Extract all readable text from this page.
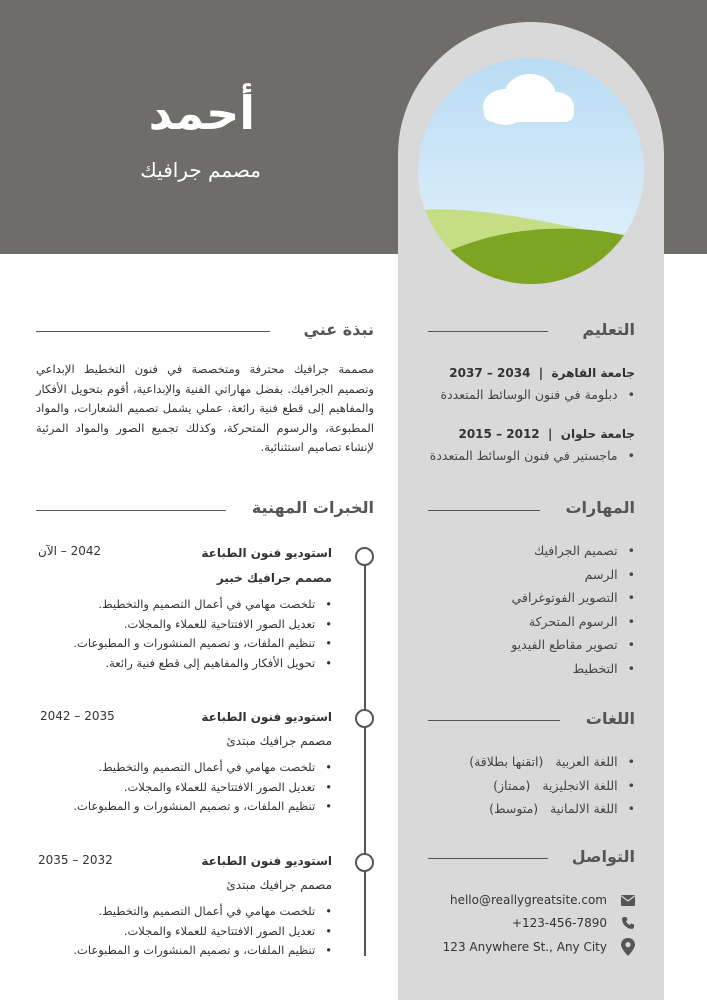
أحمد
مصمم جرافيك
التعليم
جامعة القاهرة  |  2034 – 2037
• دبلومة في فنون الوسائط المتعددة
جامعة حلوان  |  2012 – 2015
• ماجستير في فنون الوسائط المتعددة
المهارات
• تصميم الجرافيك
• الرسم
• التصوير الفوتوغرافي
• الرسوم المتحركة
• تصوير مقاطع الفيديو
• التخطيط
اللغات
• اللغة العربية   (اتقنها بطلاقة)
• اللغة الانجليزية   (ممتاز)
• اللغة الالمانية   (متوسط)
التواصل
hello@reallygreatsite.com
+123-456-7890
123 Anywhere St., Any City
نبذة عني
مصممة جرافيك محترفة ومتخصصة في فنون التخطيط الإبداعي وتصميم الجرافيك. بفضل مهاراتي الفنية والإبداعية، أقوم بتحويل الأفكار والمفاهيم إلى قطع فنية رائعة. عملي يشمل تصميم الشعارات، والمواد المطبوعة، والرسوم المتحركة، وكذلك تجميع الصور والمواد المرئية لإنشاء تصاميم استثنائية.
الخبرات المهنية
استوديو فنون الطباعة
2042 – الآن
مصمم جرافيك خبير
• تلخصت مهامي في أعمال التصميم والتخطيط.
• تعديل الصور الافتتاحية للعملاء والمجلات.
• تنظيم الملفات، و تصميم المنشورات و المطبوعات.
• تحويل الأفكار والمفاهيم إلى قطع فنية رائعة.
استوديو فنون الطباعة
2035 – 2042
مصمم جرافيك مبتدئ
• تلخصت مهامي في أعمال التصميم والتخطيط.
• تعديل الصور الافتتاحية للعملاء والمجلات.
• تنظيم الملفات، و تصميم المنشورات و المطبوعات.
استوديو فنون الطباعة
2032 – 2035
مصمم جرافيك مبتدئ
• تلخصت مهامي في أعمال التصميم والتخطيط.
• تعديل الصور الافتتاحية للعملاء والمجلات.
• تنظيم الملفات، و تصميم المنشورات و المطبوعات.
